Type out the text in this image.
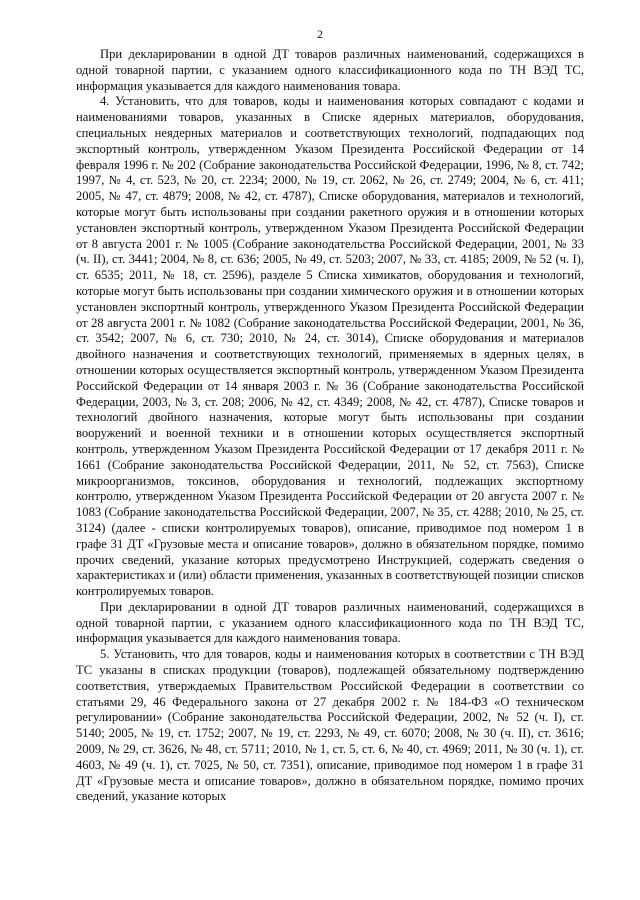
2

При декларировании в одной ДТ товаров различных наименований, содержащихся в одной товарной партии, с указанием одного классификационного кода по ТН ВЭД ТС, информация указывается для каждого наименования товара.

4. Установить, что для товаров, коды и наименования которых совпадают с кодами и наименованиями товаров, указанных в Списке ядерных материалов, оборудования, специальных неядерных материалов и соответствующих технологий, подпадающих под экспортный контроль, утвержденном Указом Президента Российской Федерации от 14 февраля 1996 г. № 202 (Собрание законодательства Российской Федерации, 1996, № 8, ст. 742; 1997, № 4, ст. 523, № 20, ст. 2234; 2000, № 19, ст. 2062, № 26, ст. 2749; 2004, № 6, ст. 411; 2005, № 47, ст. 4879; 2008, № 42, ст. 4787), Списке оборудования, материалов и технологий, которые могут быть использованы при создании ракетного оружия и в отношении которых установлен экспортный контроль, утвержденном Указом Президента Российской Федерации от 8 августа 2001 г. № 1005 (Собрание законодательства Российской Федерации, 2001, № 33 (ч. II), ст. 3441; 2004, № 8, ст. 636; 2005, № 49, ст. 5203; 2007, № 33, ст. 4185; 2009, № 52 (ч. I), ст. 6535; 2011, № 18, ст. 2596), разделе 5 Списка химикатов, оборудования и технологий, которые могут быть использованы при создании химического оружия и в отношении которых установлен экспортный контроль, утвержденного Указом Президента Российской Федерации от 28 августа 2001 г. № 1082 (Собрание законодательства Российской Федерации, 2001, № 36, ст. 3542; 2007, № 6, ст. 730; 2010, № 24, ст. 3014), Списке оборудования и материалов двойного назначения и соответствующих технологий, применяемых в ядерных целях, в отношении которых осуществляется экспортный контроль, утвержденном Указом Президента Российской Федерации от 14 января 2003 г. № 36 (Собрание законодательства Российской Федерации, 2003, № 3, ст. 208; 2006, № 42, ст. 4349; 2008, № 42, ст. 4787), Списке товаров и технологий двойного назначения, которые могут быть использованы при создании вооружений и военной техники и в отношении которых осуществляется экспортный контроль, утвержденном Указом Президента Российской Федерации от 17 декабря 2011 г. № 1661 (Собрание законодательства Российской Федерации, 2011, № 52, ст. 7563), Списке микроорганизмов, токсинов, оборудования и технологий, подлежащих экспортному контролю, утвержденном Указом Президента Российской Федерации от 20 августа 2007 г. № 1083 (Собрание законодательства Российской Федерации, 2007, № 35, ст. 4288; 2010, № 25, ст. 3124) (далее - списки контролируемых товаров), описание, приводимое под номером 1 в графе 31 ДТ «Грузовые места и описание товаров», должно в обязательном порядке, помимо прочих сведений, указание которых предусмотрено Инструкцией, содержать сведения о характеристиках и (или) области применения, указанных в соответствующей позиции списков контролируемых товаров.

При декларировании в одной ДТ товаров различных наименований, содержащихся в одной товарной партии, с указанием одного классификационного кода по ТН ВЭД ТС, информация указывается для каждого наименования товара.

5. Установить, что для товаров, коды и наименования которых в соответствии с ТН ВЭД ТС указаны в списках продукции (товаров), подлежащей обязательному подтверждению соответствия, утверждаемых Правительством Российской Федерации в соответствии со статьями 29, 46 Федерального закона от 27 декабря 2002 г. № 184-ФЗ «О техническом регулировании» (Собрание законодательства Российской Федерации, 2002, № 52 (ч. I), ст. 5140; 2005, № 19, ст. 1752; 2007, № 19, ст. 2293, № 49, ст. 6070; 2008, № 30 (ч. II), ст. 3616; 2009, № 29, ст. 3626, № 48, ст. 5711; 2010, № 1, ст. 5, ст. 6, № 40, ст. 4969; 2011, № 30 (ч. 1), ст. 4603, № 49 (ч. 1), ст. 7025, № 50, ст. 7351), описание, приводимое под номером 1 в графе 31 ДТ «Грузовые места и описание товаров», должно в обязательном порядке, помимо прочих сведений, указание которых
